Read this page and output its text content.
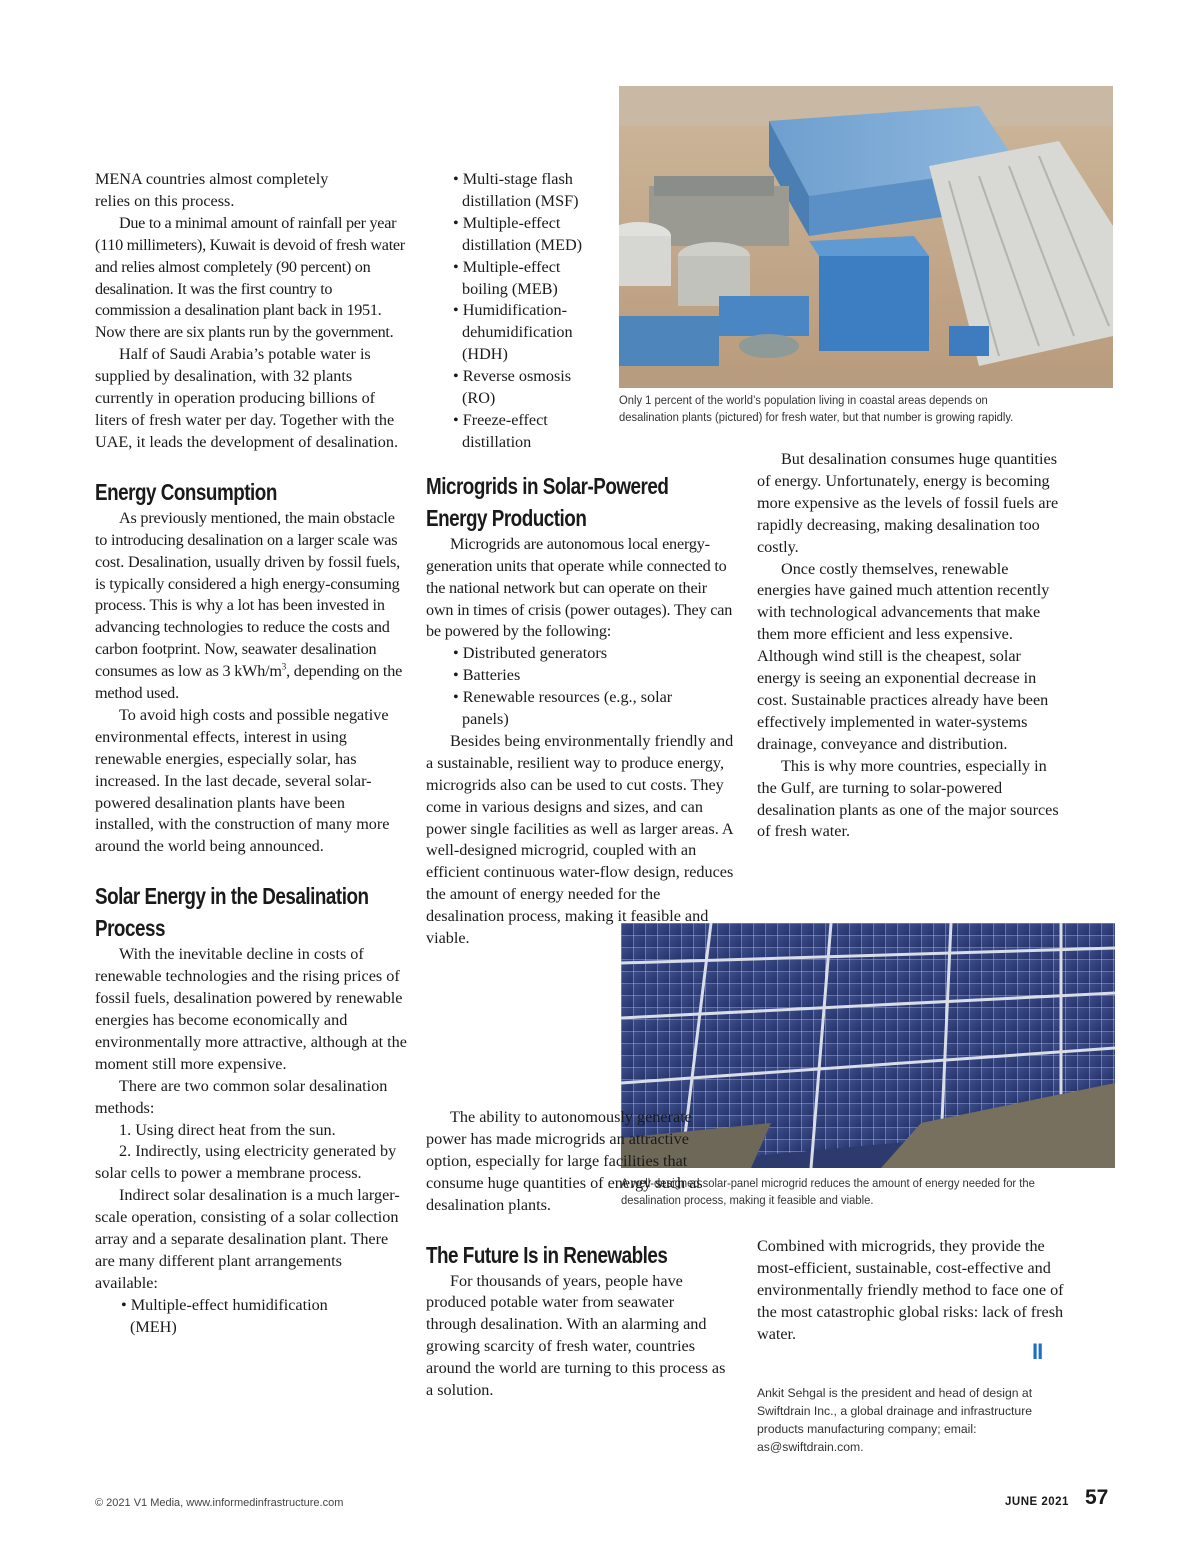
Only 1 percent of the world’s population living in coastal areas depends on
desalination plants (pictured) for fresh water, but that number is growing rapidly.
A well-designed solar-panel microgrid reduces the amount of energy needed for the
desalination process, making it feasible and viable.

MENA countries almost completely relies on this process.

Due to a minimal amount of rainfall per year (110 millimeters), Kuwait is devoid of fresh water and relies almost completely (90 percent) on desalination. It was the first country to commission a desalination plant back in 1951. Now there are six plants run by the government.

Half of Saudi Arabia’s potable water is supplied by desalination, with 32 plants currently in operation producing billions of liters of fresh water per day. Together with the UAE, it leads the development of desalination.

Energy Consumption

As previously mentioned, the main obstacle to introducing desalination on a larger scale was cost. Desalination, usually driven by fossil fuels, is typically considered a high energy-consuming process. This is why a lot has been invested in advancing technologies to reduce the costs and carbon footprint. Now, seawater desalination consumes as low as 3 kWh/$m^3$, depending on the method used.

To avoid high costs and possible negative environmental effects, interest in using renewable energies, especially solar, has increased. In the last decade, several solar-powered desalination plants have been installed, with the construction of many more around the world being announced.

Solar Energy in the Desalination
Process

With the inevitable decline in costs of renewable technologies and the rising prices of fossil fuels, desalination powered by renewable energies has become economically and environmentally more attractive, although at the moment still more expensive.

There are two common solar desalination methods:

1. Using direct heat from the sun.

2. Indirectly, using electricity generated by solar cells to power a membrane process.

Indirect solar desalination is a much larger-scale operation, consisting of a solar collection array and a separate desalination plant. There are many different plant arrangements available:

• Multiple-effect humidification (MEH)

• Multi-stage flash distillation (MSF)

• Multiple-effect distillation (MED)

• Multiple-effect boiling (MEB)

• Humidification-dehumidification (HDH)

• Reverse osmosis (RO)

• Freeze-effect distillation

Microgrids in Solar-Powered
Energy Production

Microgrids are autonomous local energy-generation units that operate while connected to the national network but can operate on their own in times of crisis (power outages). They can be powered by the following:

• Distributed generators

• Batteries

• Renewable resources (e.g., solar panels)

Besides being environmentally friendly and a sustainable, resilient way to produce energy, microgrids also can be used to cut costs. They come in various designs and sizes, and can power single facilities as well as larger areas. A well-designed microgrid, coupled with an efficient continuous water-flow design, reduces the amount of energy needed for the desalination process, making it feasible and viable.

The ability to autonomously generate power has made microgrids an attractive option, especially for large facilities that consume huge quantities of energy such as desalination plants.

The Future Is in Renewables

For thousands of years, people have produced potable water from seawater through desalination. With an alarming and growing scarcity of fresh water, countries around the world are turning to this process as a solution.

But desalination consumes huge quantities of energy. Unfortunately, energy is becoming more expensive as the levels of fossil fuels are rapidly decreasing, making desalination too costly.

Once costly themselves, renewable energies have gained much attention recently with technological advancements that make them more efficient and less expensive. Although wind still is the cheapest, solar energy is seeing an exponential decrease in cost. Sustainable practices already have been effectively implemented in water-systems drainage, conveyance and distribution.

This is why more countries, especially in the Gulf, are turning to solar-powered desalination plants as one of the major sources of fresh water.

Combined with microgrids, they provide the most-efficient, sustainable, cost-effective and environmentally friendly method to face one of the most catastrophic global risks: lack of fresh water.

II
Ankit Sehgal is the president and head of design at Swiftdrain Inc., a global drainage and infrastructure products manufacturing company; email: as@swiftdrain.com.
© 2021 V1 Media, www.informedinfrastructure.com	JUNE 2021 57
